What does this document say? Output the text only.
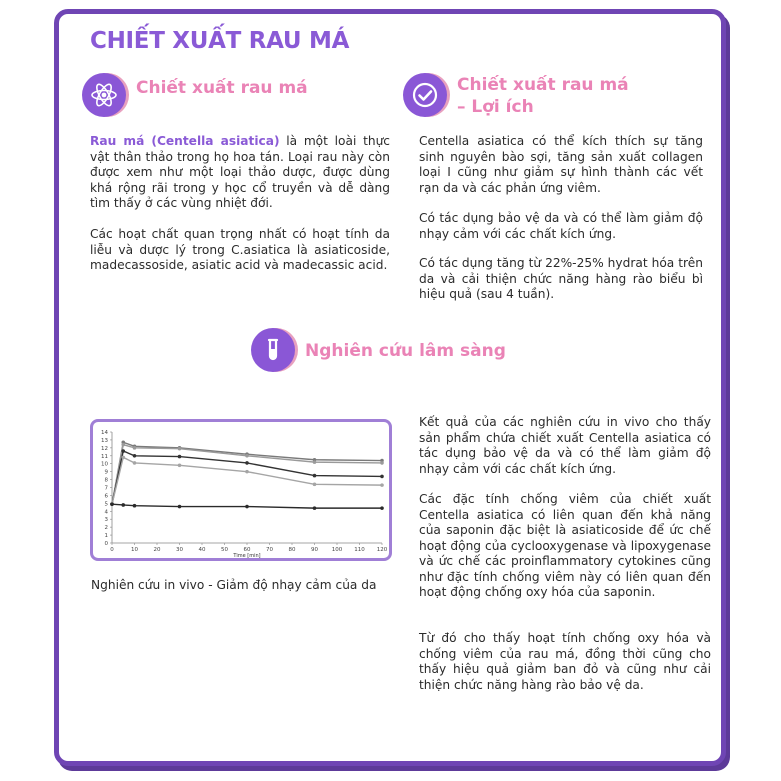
CHIẾT XUẤT RAU MÁ
Chiết xuất rau má

Rau má (Centella asiatica) là một loài thực vật thân thảo trong họ hoa tán. Loại rau này còn được xem như một loại thảo dược, được dùng khá rộng rãi trong y học cổ truyền và dễ dàng tìm thấy ở các vùng nhiệt đới.

Các hoạt chất quan trọng nhất có hoạt tính da liễu và dược lý trong C.asiatica là asiaticoside, madecassoside, asiatic acid và madecassic acid.

Chiết xuất rau má
– Lợi ích

Centella asiatica có thể kích thích sự tăng sinh nguyên bào sợi, tăng sản xuất collagen loại I cũng như giảm sự hình thành các vết rạn da và các phản ứng viêm.

Có tác dụng bảo vệ da và có thể làm giảm độ nhạy cảm với các chất kích ứng.

Có tác dụng tăng từ 22%-25% hydrat hóa trên da và cải thiện chức năng hàng rào biểu bì hiệu quả (sau 4 tuần).

Nghiên cứu lâm sàng
0
1
2
3
4
5
6
7
8
9
10
11
12
13
14
0	10	20	30	40	50	60	70	80	90	100 110 120
Time [min]
Nghiên cứu in vivo - Giảm độ nhạy cảm của da

Kết quả của các nghiên cứu in vivo cho thấy sản phẩm chứa chiết xuất Centella asiatica có tác dụng bảo vệ da và có thể làm giảm độ nhạy cảm với các chất kích ứng.

Các đặc tính chống viêm của chiết xuất Centella asiatica có liên quan đến khả năng của saponin đặc biệt là asiaticoside để ức chế hoạt động của cyclooxygenase và lipoxygenase và ức chế các proinflammatory cytokines cũng như đặc tính chống viêm này có liên quan đến hoạt động chống oxy hóa của saponin.

Từ đó cho thấy hoạt tính chống oxy hóa và chống viêm của rau má, đồng thời cũng cho thấy hiệu quả giảm ban đỏ và cũng như cải thiện chức năng hàng rào bảo vệ da.
